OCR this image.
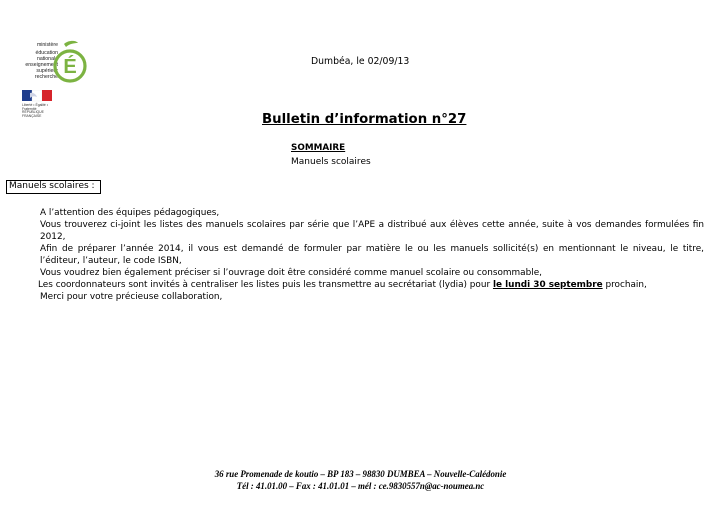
ministère
éducation
nationale
enseignement
supérieur
recherche É
Liberté • Égalité • Fraternité RÉPUBLIQUE FRANÇAISE
Dumbéa, le 02/09/13
Bulletin d’information n°27
SOMMAIRE
Manuels scolaires
Manuels scolaires :
A l’attention des équipes pédagogiques,
Vous trouverez ci-joint les listes des manuels scolaires par série que l’APE a distribué aux élèves cette année, suite à vos demandes formulées fin 2012,
Afin de préparer l’année 2014, il vous est demandé de formuler par matière le ou les manuels sollicité(s) en mentionnant le niveau, le titre, l’éditeur, l’auteur, le code ISBN,
Vous voudrez bien également préciser si l’ouvrage doit être considéré comme manuel scolaire ou consommable,
Les coordonnateurs sont invités à centraliser les listes puis les transmettre au secrétariat (lydia) pour le lundi 30 septembre prochain,
Merci pour votre précieuse collaboration,
36 rue Promenade de koutio – BP 183 – 98830 DUMBEA – Nouvelle-Calédonie
Tél : 41.01.00 – Fax : 41.01.01 – mél : ce.9830557n@ac-noumea.nc
